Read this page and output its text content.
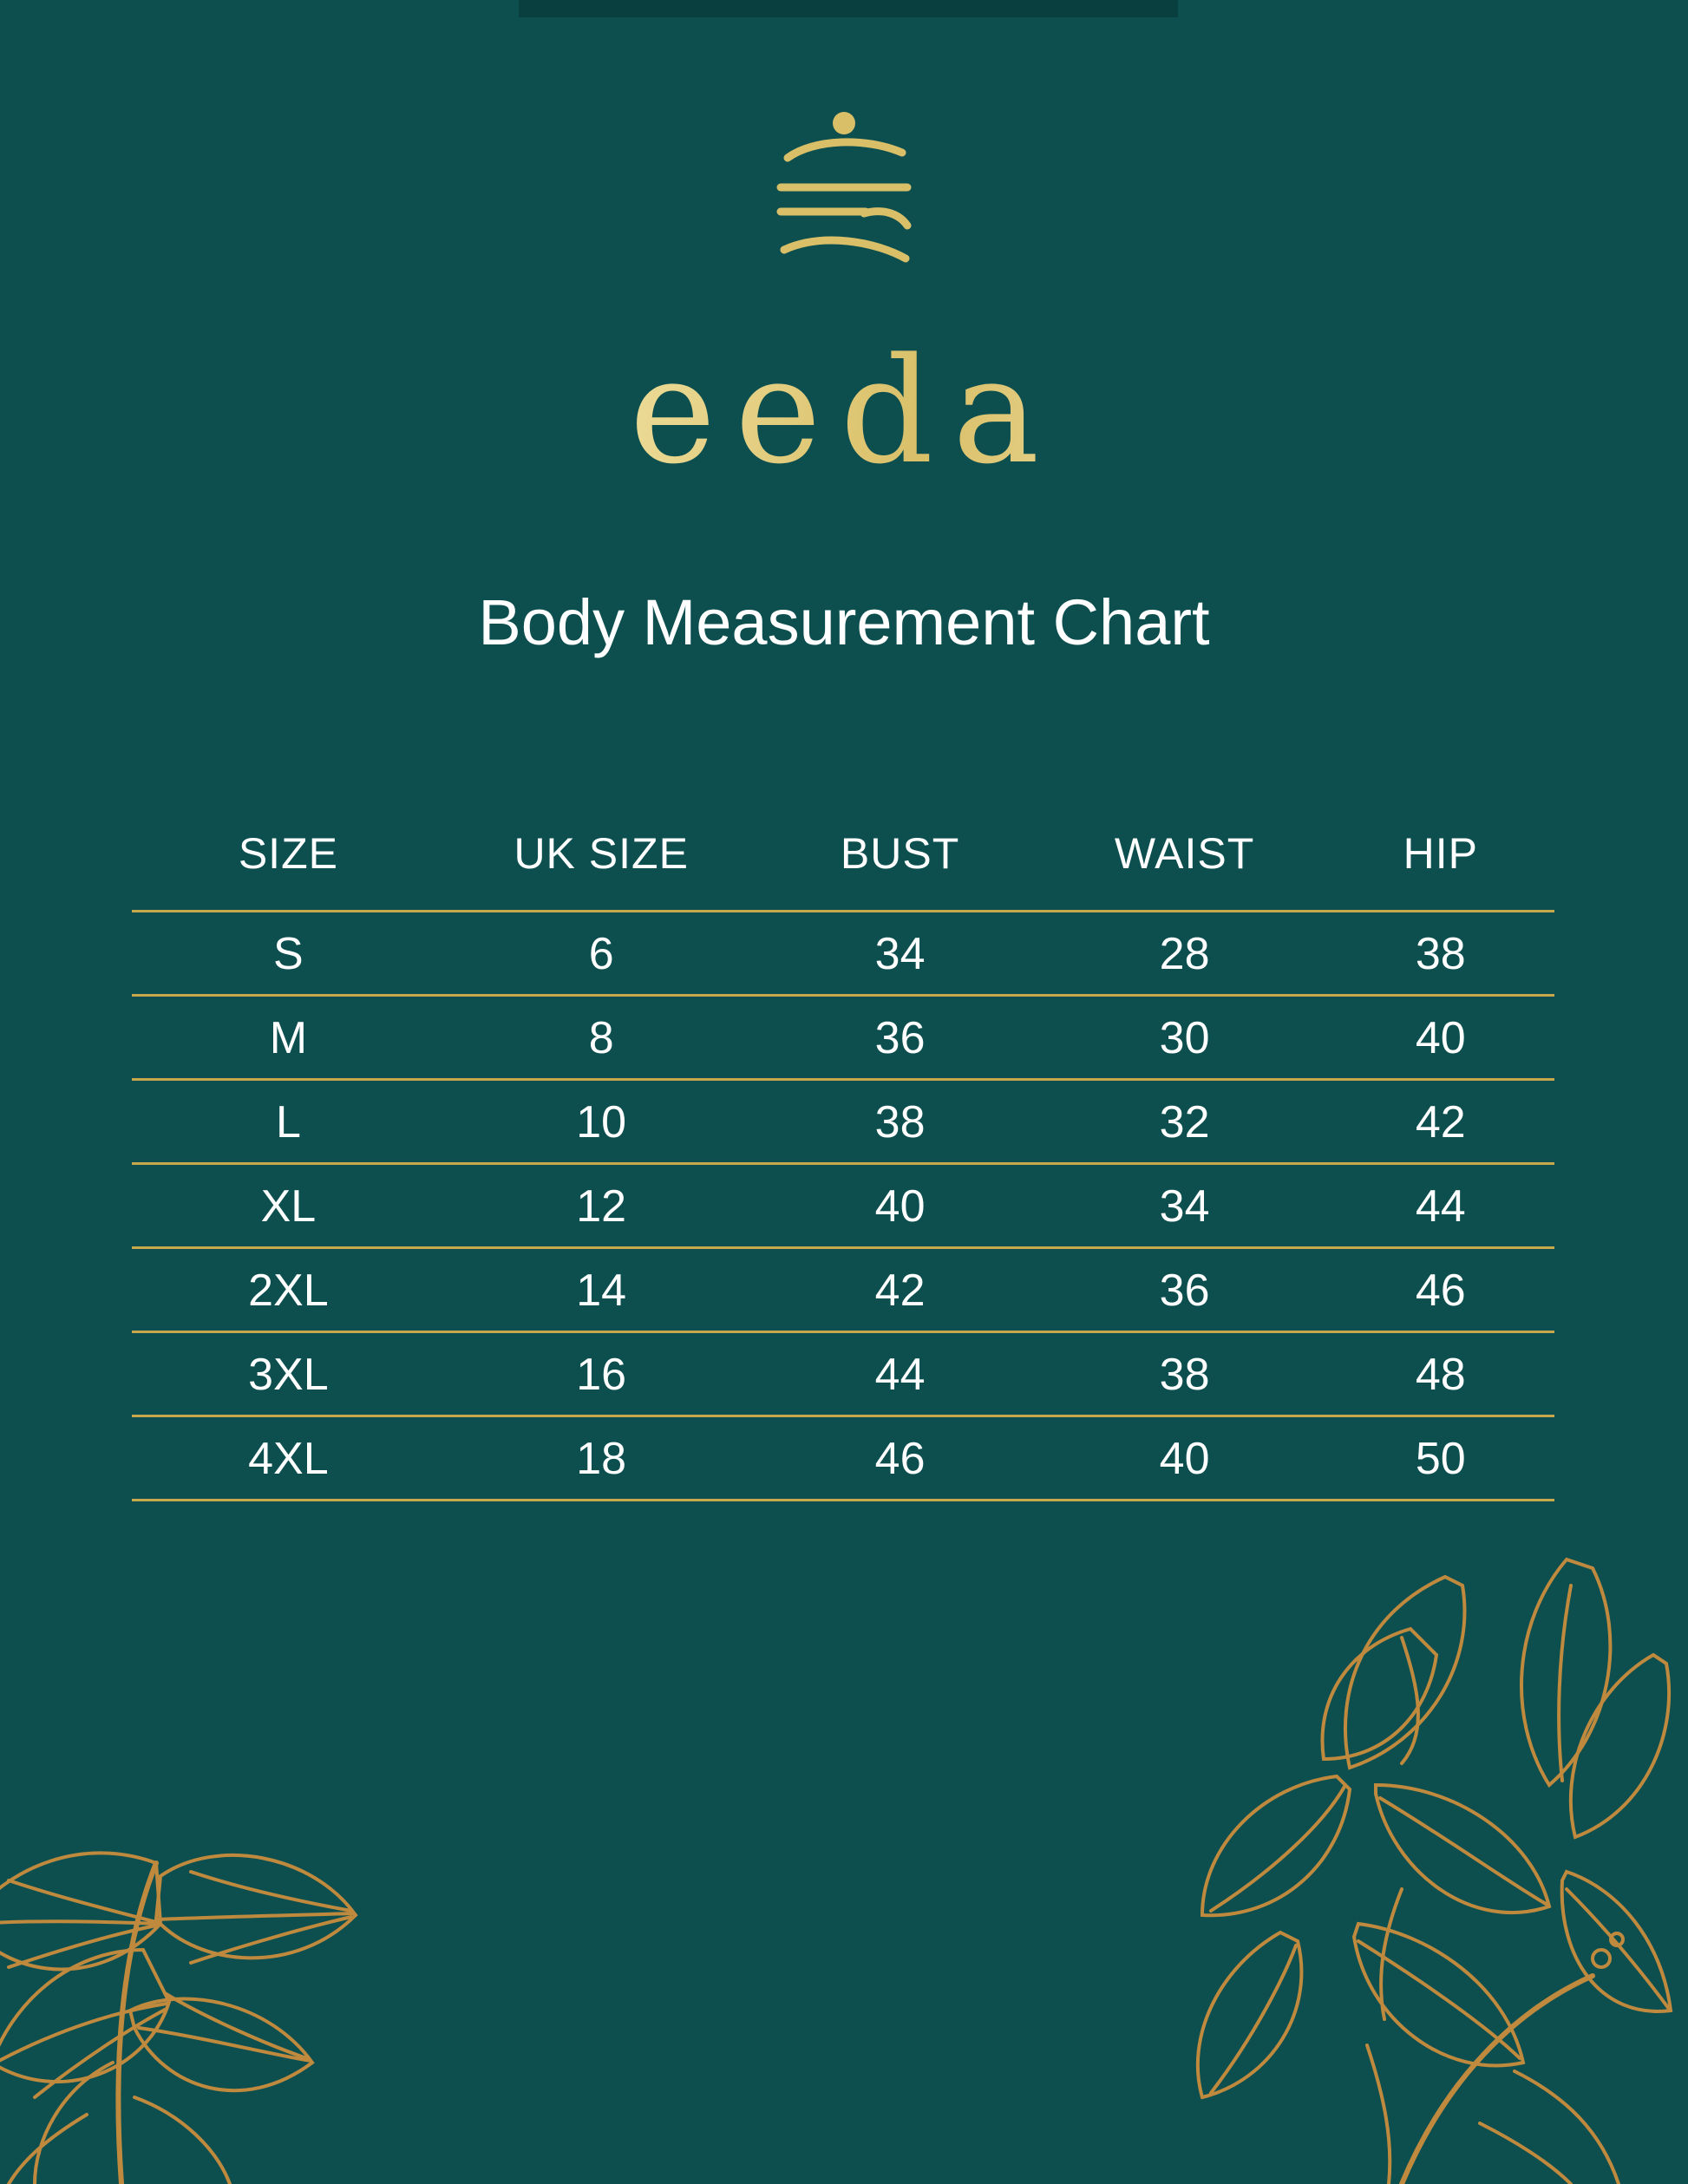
eeda
Body Measurement Chart
SIZE	UK SIZE	BUST	WAIST	HIP
S	6	34	28	38
M	8	36	30	40
L	10	38	32	42
XL	12	40	34	44
2XL	14	42	36	46
3XL	16	44	38	48
4XL	18	46	40	50
